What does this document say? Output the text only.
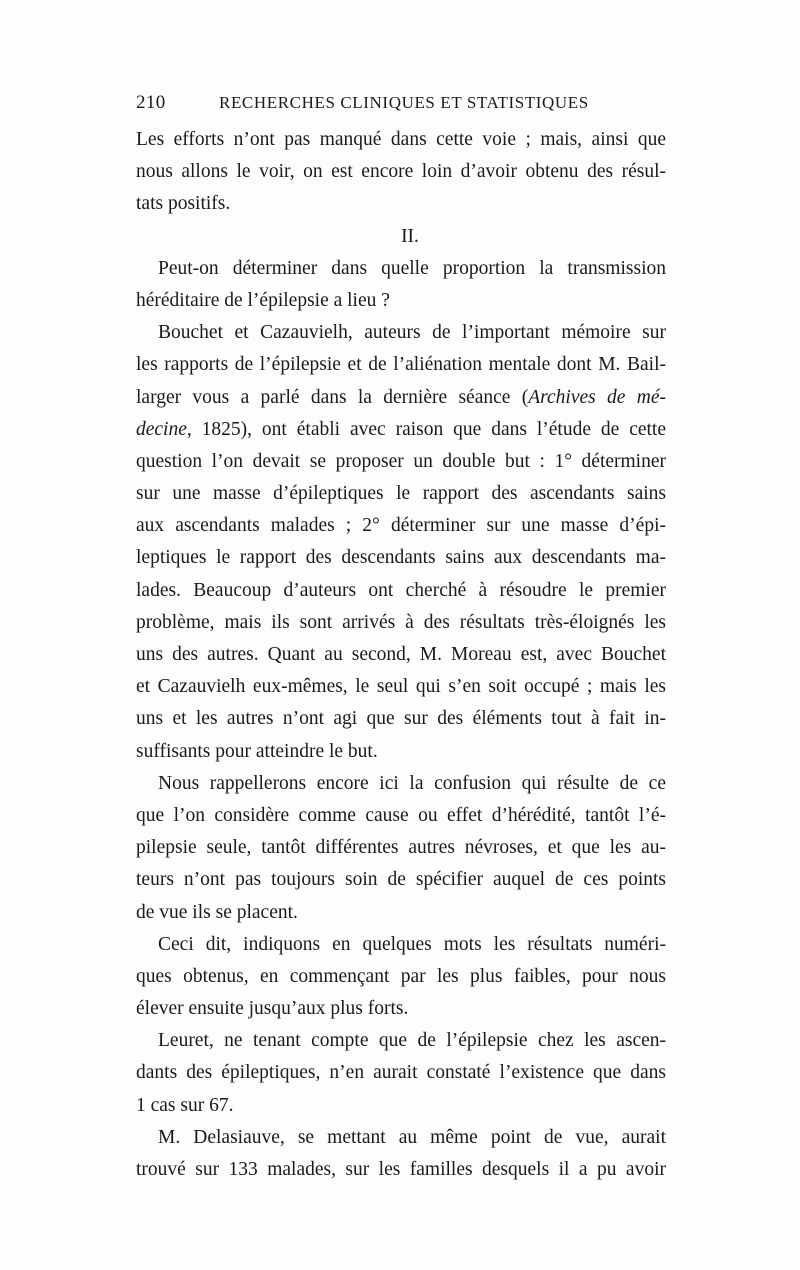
210	RECHERCHES CLINIQUES ET STATISTIQUES
Les efforts n’ont pas manqué dans cette voie ; mais, ainsi que
nous allons le voir, on est encore loin d’avoir obtenu des résul-
tats positifs.
II.
Peut-on déterminer dans quelle proportion la transmission
héréditaire de l’épilepsie a lieu ?
Bouchet et Cazauvielh, auteurs de l’important mémoire sur
les rapports de l’épilepsie et de l’aliénation mentale dont M. Bail-
larger vous a parlé dans la dernière séance (Archives de mé-
decine, 1825), ont établi avec raison que dans l’étude de cette
question l’on devait se proposer un double but : 1° déterminer
sur une masse d’épileptiques le rapport des ascendants sains
aux ascendants malades ; 2° déterminer sur une masse d’épi-
leptiques le rapport des descendants sains aux descendants ma-
lades. Beaucoup d’auteurs ont cherché à résoudre le premier
problème, mais ils sont arrivés à des résultats très-éloignés les
uns des autres. Quant au second, M. Moreau est, avec Bouchet
et Cazauvielh eux-mêmes, le seul qui s’en soit occupé ; mais les
uns et les autres n’ont agi que sur des éléments tout à fait in-
suffisants pour atteindre le but.
Nous rappellerons encore ici la confusion qui résulte de ce
que l’on considère comme cause ou effet d’hérédité, tantôt l’é-
pilepsie seule, tantôt différentes autres névroses, et que les au-
teurs n’ont pas toujours soin de spécifier auquel de ces points
de vue ils se placent.
Ceci dit, indiquons en quelques mots les résultats numéri-
ques obtenus, en commençant par les plus faibles, pour nous
élever ensuite jusqu’aux plus forts.
Leuret, ne tenant compte que de l’épilepsie chez les ascen-
dants des épileptiques, n’en aurait constaté l’existence que dans
1 cas sur 67.
M. Delasiauve, se mettant au même point de vue, aurait
trouvé sur 133 malades, sur les familles desquels il a pu avoir
